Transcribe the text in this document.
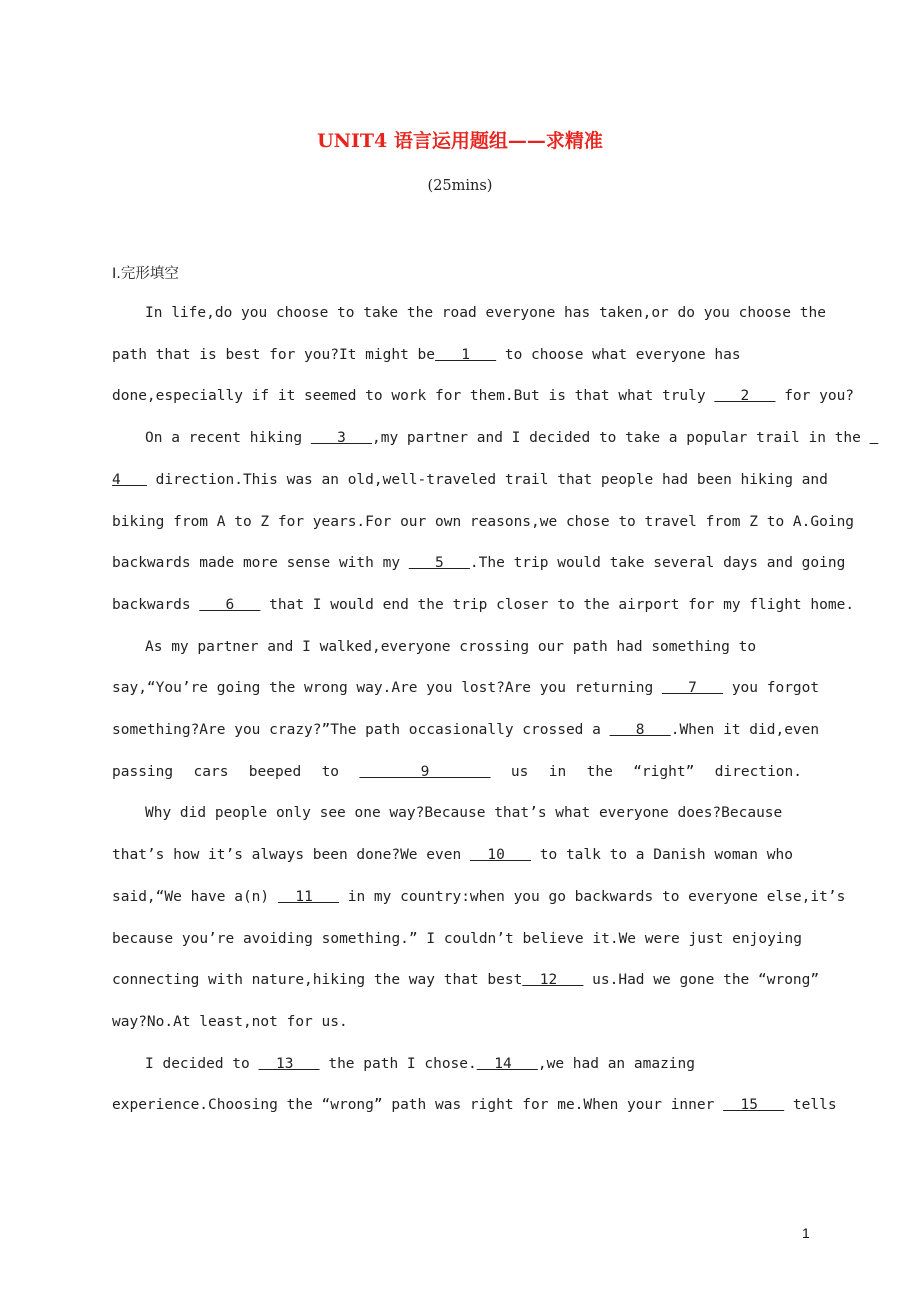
UNIT4 语言运用题组——求精准
(25mins)
Ⅰ.完形填空
In life,do you choose to take the road everyone has taken,or do you choose the
path that is best for you?It might be   1    to choose what everyone has
done,especially if it seemed to work for them.But is that what truly    2    for you?
On a recent hiking    3   ,my partner and I decided to take a popular trail in the
4    direction.This was an old,well-traveled trail that people had been hiking and
biking from A to Z for years.For our own reasons,we chose to travel from Z to A.Going
backwards made more sense with my    5   .The trip would take several days and going
backwards    6    that I would end the trip closer to the airport for my flight home.
As my partner and I walked,everyone crossing our path had something to
say,“You’re going the wrong way.Are you lost?Are you returning    7    you forgot
something?Are you crazy?”The path occasionally crossed a    8   .When it did,even
passing cars beeped to    9    us in the “right” direction.
Why did people only see one way?Because that’s what everyone does?Because
that’s how it’s always been done?We even   10    to talk to a Danish woman who
said,“We have a(n)   11    in my country:when you go backwards to everyone else,it’s
because you’re avoiding something.” I couldn’t believe it.We were just enjoying
connecting with nature,hiking the way that best  12    us.Had we gone the “wrong”
way?No.At least,not for us.
I decided to   13    the path I chose.  14   ,we had an amazing
experience.Choosing the “wrong” path was right for me.When your inner   15    tells
1
